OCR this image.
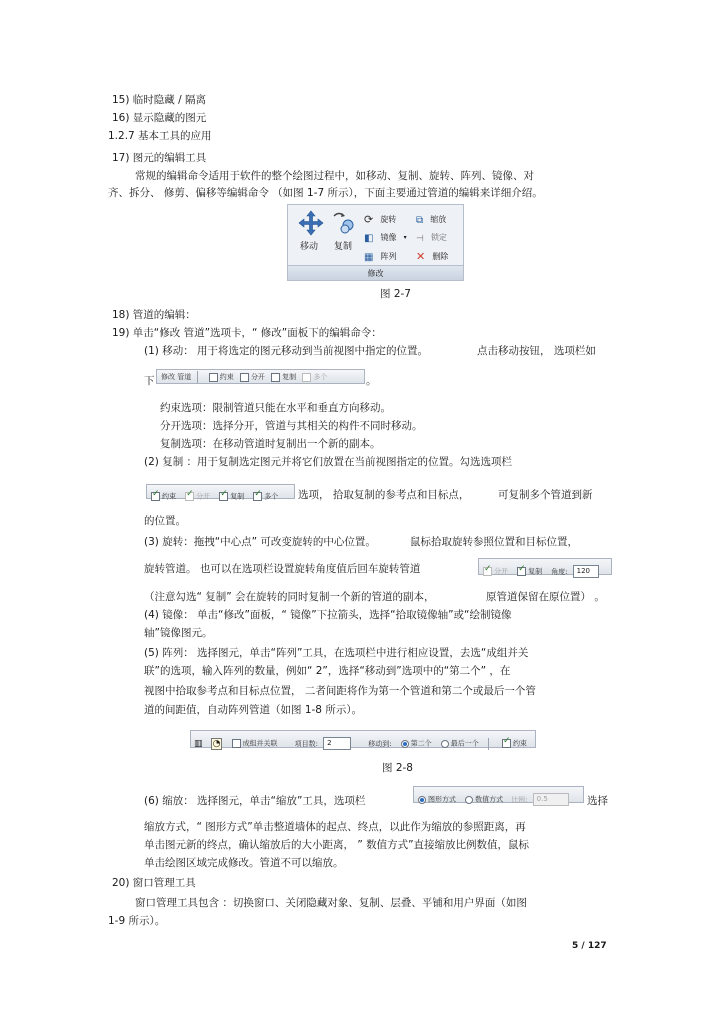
15) 临时隐藏 / 隔离
16) 显示隐藏的图元
1.2.7 基本工具的应用
17) 图元的编辑工具
常规的编辑命令适用于软件的整个绘图过程中，如移动、复制、旋转、阵列、镜像、对
齐、拆分、 修剪、偏移等编辑命令 （如图 1-7 所示），下面主要通过管道的编辑来详细介绍。
移动 复制
⟳ 旋转
◧ 镜像 ▾
▦ 阵列
⧉ 缩放
⊣ 锁定
✕ 删除
修改
图 2-7
18) 管道的编辑：
19) 单击“修改 管道”选项卡，“ 修改”面板下的编辑命令：
(1) 移动： 用于将选定的图元移动到当前视图中指定的位置。	点击移动按钮， 选项栏如
下 修改 管道	约束 分开 复制 多个	。
约束选项：限制管道只能在水平和垂直方向移动。
分开选项：选择分开，管道与其相关的构件不同时移动。
复制选项：在移动管道时复制出一个新的副本。
(2) 复制 ：用于复制选定图元并将它们放置在当前视图指定的位置。勾选选项栏
✓约束 ✓	分开 ✓	复制 ✓	多个	选项， 拾取复制的参考点和目标点，	可复制多个管道到新
的位置。
(3) 旋转：拖拽“中心点” 可改变旋转的中心位置。	鼠标拾取旋转参照位置和目标位置，
旋转管道。 也可以在选项栏设置旋转角度值后回车旋转管道 ✓	分开 ✓	复制 角度: 120
（注意勾选“ 复制” 会在旋转的同时复制一个新的管道的副本，	原管道保留在原位置） 。
(4) 镜像： 单击“修改”面板，“ 镜像”下拉箭头，选择“拾取镜像轴”或“绘制镜像
轴”镜像图元。
(5) 阵列： 选择图元，单击“阵列”工具，在选项栏中进行相应设置，去选“成组并关
联”的选项，输入阵列的数量，例如“ 2”，选择“移动到”选项中的“第二个” ，在
视图中拾取参考点和目标点位置， 二者间距将作为第一个管道和第二个或最后一个管
道的间距值，自动阵列管道（如图 1-8 所示）。
▥ ◔	成组并关联 项目数: 2	移动到:	第二个	最后一个 ✓	约束
图 2-8
(6) 缩放： 选择图元，单击“缩放”工具，选项栏	图形方式	数值方式 比例: 0.5	选择
缩放方式，“ 图形方式”单击整道墙体的起点、终点，以此作为缩放的参照距离，再
单击图元新的终点，确认缩放后的大小距离， ” 数值方式”直接缩放比例数值，鼠标
单击绘图区域完成修改。管道不可以缩放。
20) 窗口管理工具
窗口管理工具包含 ：切换窗口、关闭隐藏对象、复制、层叠、平铺和用户界面（如图
1-9 所示）。
5 / 127
